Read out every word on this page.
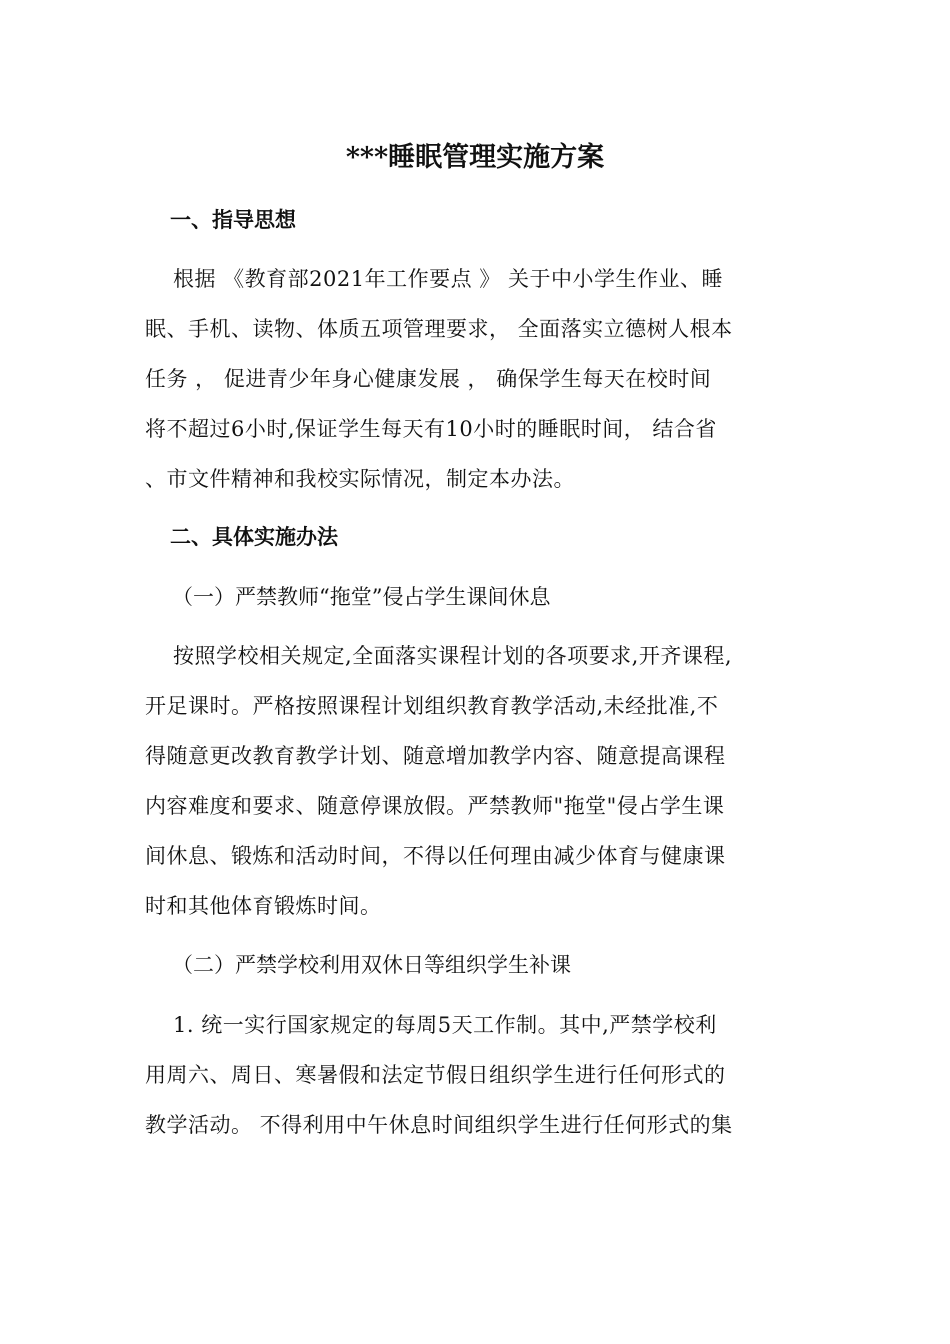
***睡眠管理实施方案
一、指导思想
根据 《教育部2021年工作要点 》 关于中小学生作业、睡
眠、手机、读物、体质五项管理要求， 全面落实立德树人根本
任务 ， 促进青少年身心健康发展 ， 确保学生每天在校时间
将不超过6小时,保证学生每天有10小时的睡眠时间， 结合省
、市文件精神和我校实际情况，制定本办法。
二、具体实施办法
（一）严禁教师“拖堂”侵占学生课间休息
按照学校相关规定,全面落实课程计划的各项要求,开齐课程,
开足课时。严格按照课程计划组织教育教学活动,未经批准,不
得随意更改教育教学计划、随意增加教学内容、随意提高课程
内容难度和要求、随意停课放假。严禁教师"拖堂"侵占学生课
间休息、锻炼和活动时间，不得以任何理由减少体育与健康课
时和其他体育锻炼时间。
（二）严禁学校利用双休日等组织学生补课
1. 统一实行国家规定的每周5天工作制。其中,严禁学校利
用周六、周日、寒暑假和法定节假日组织学生进行任何形式的
教学活动。 不得利用中午休息时间组织学生进行任何形式的集
